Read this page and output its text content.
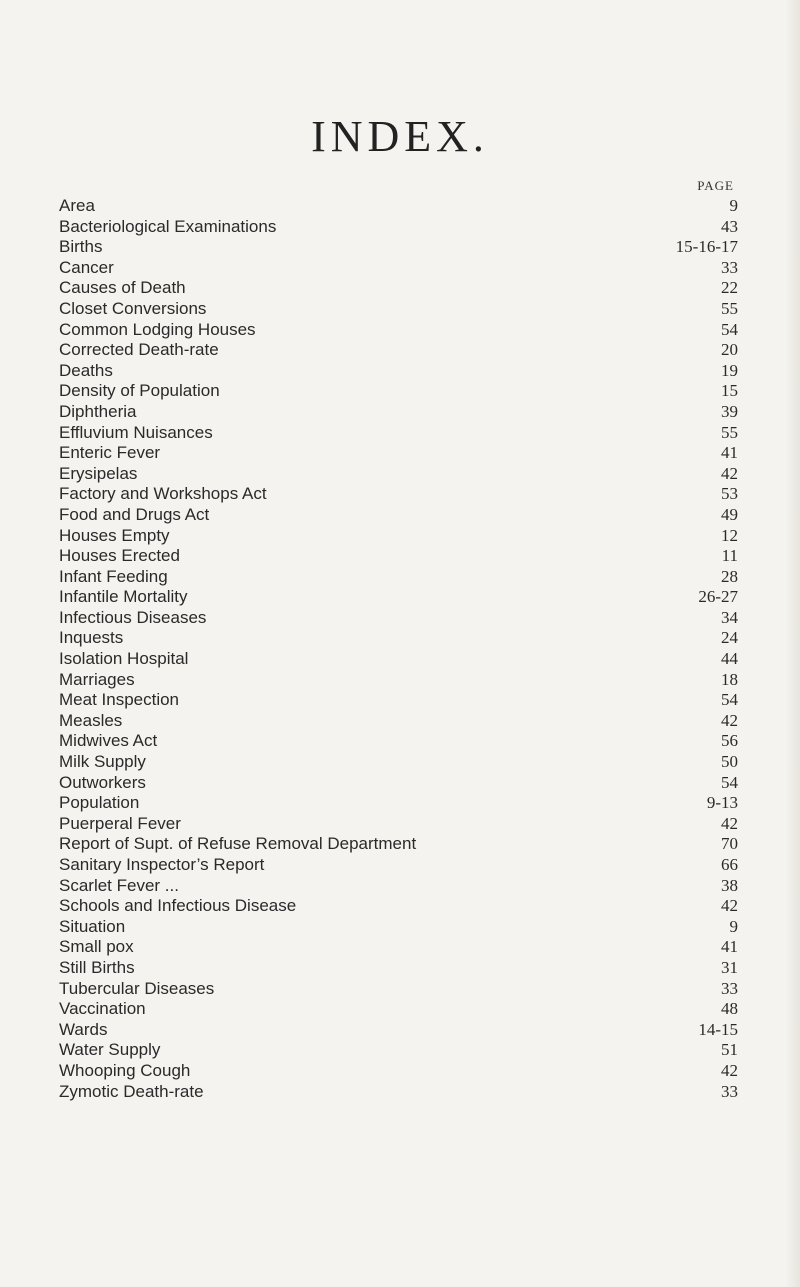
INDEX.
PAGE
Area	9
Bacteriological Examinations	43
Births	15-16-17
Cancer	33
Causes of Death	22
Closet Conversions	55
Common Lodging Houses	54
Corrected Death-rate	20
Deaths	19
Density of Population	15
Diphtheria	39
Effluvium Nuisances	55
Enteric Fever	41
Erysipelas	42
Factory and Workshops Act	53
Food and Drugs Act	49
Houses Empty	12
Houses Erected	11
Infant Feeding	28
Infantile Mortality	26-27
Infectious Diseases	34
Inquests	24
Isolation Hospital	44
Marriages	18
Meat Inspection	54
Measles	42
Midwives Act	56
Milk Supply	50
Outworkers	54
Population	9-13
Puerperal Fever	42
Report of Supt. of Refuse Removal Department	70
Sanitary Inspector’s Report	66
Scarlet Fever ...	38
Schools and Infectious Disease	42
Situation	9
Small pox	41
Still Births	31
Tubercular Diseases	33
Vaccination	48
Wards	14-15
Water Supply	51
Whooping Cough	42
Zymotic Death-rate	33
